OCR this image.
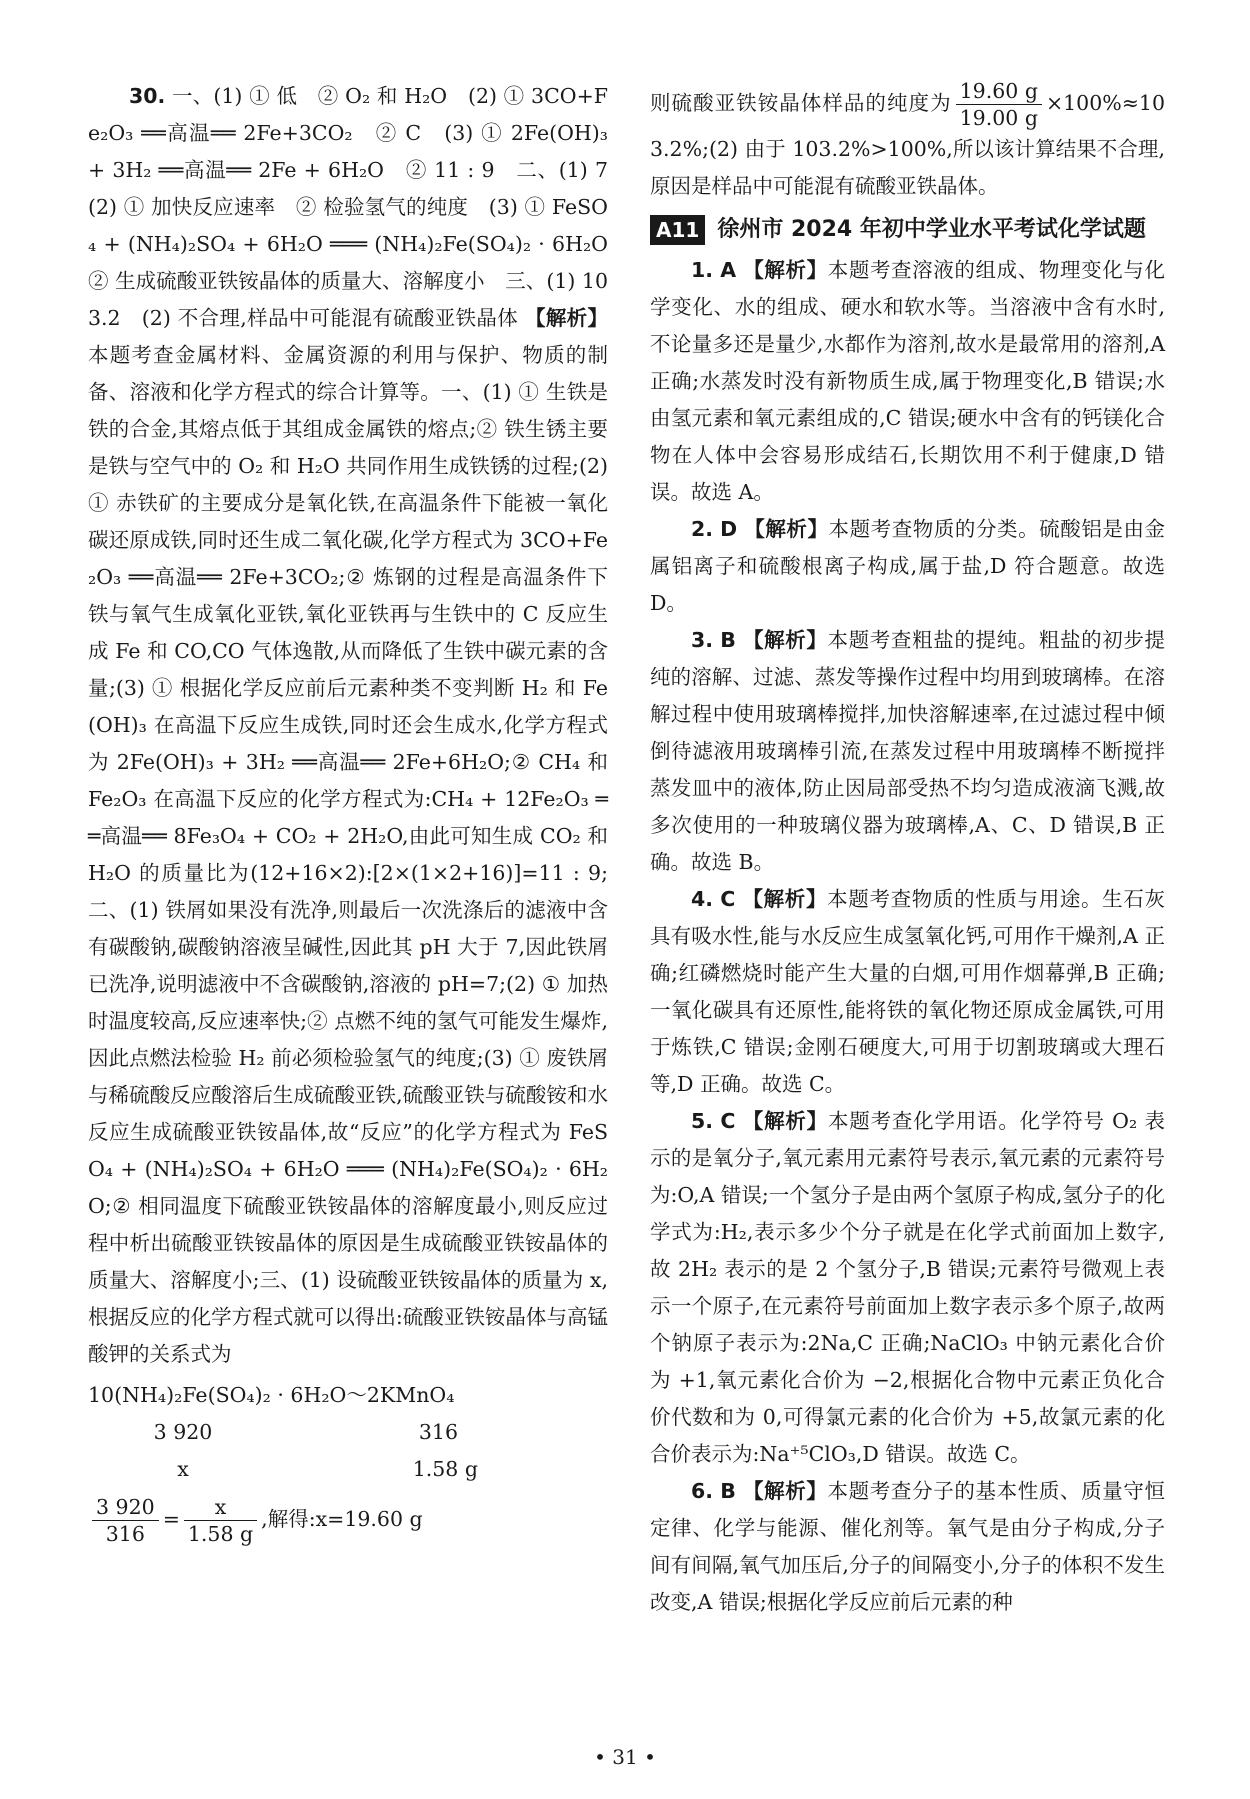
30. 一、(1) ① 低　② O₂ 和 H₂O　(2) ① 3CO+Fe₂O₃ ══高温══ 2Fe+3CO₂　② C　(3) ① 2Fe(OH)₃ + 3H₂ ══高温══ 2Fe + 6H₂O　② 11 : 9　二、(1) 7　(2) ① 加快反应速率　② 检验氢气的纯度　(3) ① FeSO₄ + (NH₄)₂SO₄ + 6H₂O ═══ (NH₄)₂Fe(SO₄)₂ · 6H₂O　② 生成硫酸亚铁铵晶体的质量大、溶解度小　三、(1) 103.2　(2) 不合理,样品中可能混有硫酸亚铁晶体 【解析】本题考查金属材料、金属资源的利用与保护、物质的制备、溶液和化学方程式的综合计算等。一、(1) ① 生铁是铁的合金,其熔点低于其组成金属铁的熔点;② 铁生锈主要是铁与空气中的 O₂ 和 H₂O 共同作用生成铁锈的过程;(2) ① 赤铁矿的主要成分是氧化铁,在高温条件下能被一氧化碳还原成铁,同时还生成二氧化碳,化学方程式为 3CO+Fe₂O₃ ══高温══ 2Fe+3CO₂;② 炼钢的过程是高温条件下铁与氧气生成氧化亚铁,氧化亚铁再与生铁中的 C 反应生成 Fe 和 CO,CO 气体逸散,从而降低了生铁中碳元素的含量;(3) ① 根据化学反应前后元素种类不变判断 H₂ 和 Fe(OH)₃ 在高温下反应生成铁,同时还会生成水,化学方程式为 2Fe(OH)₃ + 3H₂ ══高温══ 2Fe+6H₂O;② CH₄ 和 Fe₂O₃ 在高温下反应的化学方程式为:CH₄ + 12Fe₂O₃ ══高温══ 8Fe₃O₄ + CO₂ + 2H₂O,由此可知生成 CO₂ 和 H₂O 的质量比为(12+16×2):[2×(1×2+16)]=11 : 9;二、(1) 铁屑如果没有洗净,则最后一次洗涤后的滤液中含有碳酸钠,碳酸钠溶液呈碱性,因此其 pH 大于 7,因此铁屑已洗净,说明滤液中不含碳酸钠,溶液的 pH=7;(2) ① 加热时温度较高,反应速率快;② 点燃不纯的氢气可能发生爆炸,因此点燃法检验 H₂ 前必须检验氢气的纯度;(3) ① 废铁屑与稀硫酸反应酸溶后生成硫酸亚铁,硫酸亚铁与硫酸铵和水反应生成硫酸亚铁铵晶体,故“反应”的化学方程式为 FeSO₄ + (NH₄)₂SO₄ + 6H₂O ═══ (NH₄)₂Fe(SO₄)₂ · 6H₂O;② 相同温度下硫酸亚铁铵晶体的溶解度最小,则反应过程中析出硫酸亚铁铵晶体的原因是生成硫酸亚铁铵晶体的质量大、溶解度小;三、(1) 设硫酸亚铁铵晶体的质量为 x,根据反应的化学方程式就可以得出:硫酸亚铁铵晶体与高锰酸钾的关系式为

10(NH₄)₂Fe(SO₄)₂ · 6H₂O～2KMnO₄
3 920	316
x	1.58 g
$\frac{3 920}{316} = \frac{x}{1.58 g}$ ,解得:x=19.60 g

则硫酸亚铁铵晶体样品的纯度为 $\frac{19.60 g}{19.00 g}$ ×100%≈103.2%;(2) 由于 103.2%>100%,所以该计算结果不合理,原因是样品中可能混有硫酸亚铁晶体。

A11 徐州市 2024 年初中学业水平考试化学试题

1. A 【解析】本题考查溶液的组成、物理变化与化学变化、水的组成、硬水和软水等。当溶液中含有水时,不论量多还是量少,水都作为溶剂,故水是最常用的溶剂,A 正确;水蒸发时没有新物质生成,属于物理变化,B 错误;水由氢元素和氧元素组成的,C 错误;硬水中含有的钙镁化合物在人体中会容易形成结石,长期饮用不利于健康,D 错误。故选 A。

2. D 【解析】本题考查物质的分类。硫酸铝是由金属铝离子和硫酸根离子构成,属于盐,D 符合题意。故选 D。

3. B 【解析】本题考查粗盐的提纯。粗盐的初步提纯的溶解、过滤、蒸发等操作过程中均用到玻璃棒。在溶解过程中使用玻璃棒搅拌,加快溶解速率,在过滤过程中倾倒待滤液用玻璃棒引流,在蒸发过程中用玻璃棒不断搅拌蒸发皿中的液体,防止因局部受热不均匀造成液滴飞溅,故多次使用的一种玻璃仪器为玻璃棒,A、C、D 错误,B 正确。故选 B。

4. C 【解析】本题考查物质的性质与用途。生石灰具有吸水性,能与水反应生成氢氧化钙,可用作干燥剂,A 正确;红磷燃烧时能产生大量的白烟,可用作烟幕弹,B 正确;一氧化碳具有还原性,能将铁的氧化物还原成金属铁,可用于炼铁,C 错误;金刚石硬度大,可用于切割玻璃或大理石等,D 正确。故选 C。

5. C 【解析】本题考查化学用语。化学符号 O₂ 表示的是氧分子,氧元素用元素符号表示,氧元素的元素符号为:O,A 错误;一个氢分子是由两个氢原子构成,氢分子的化学式为:H₂,表示多少个分子就是在化学式前面加上数字,故 2H₂ 表示的是 2 个氢分子,B 错误;元素符号微观上表示一个原子,在元素符号前面加上数字表示多个原子,故两个钠原子表示为:2Na,C 正确;NaClO₃ 中钠元素化合价为 +1,氧元素化合价为 −2,根据化合物中元素正负化合价代数和为 0,可得氯元素的化合价为 +5,故氯元素的化合价表示为:Na⁺⁵ClO₃,D 错误。故选 C。

6. B 【解析】本题考查分子的基本性质、质量守恒定律、化学与能源、催化剂等。氧气是由分子构成,分子间有间隔,氧气加压后,分子的间隔变小,分子的体积不发生改变,A 错误;根据化学反应前后元素的种

• 31 •
